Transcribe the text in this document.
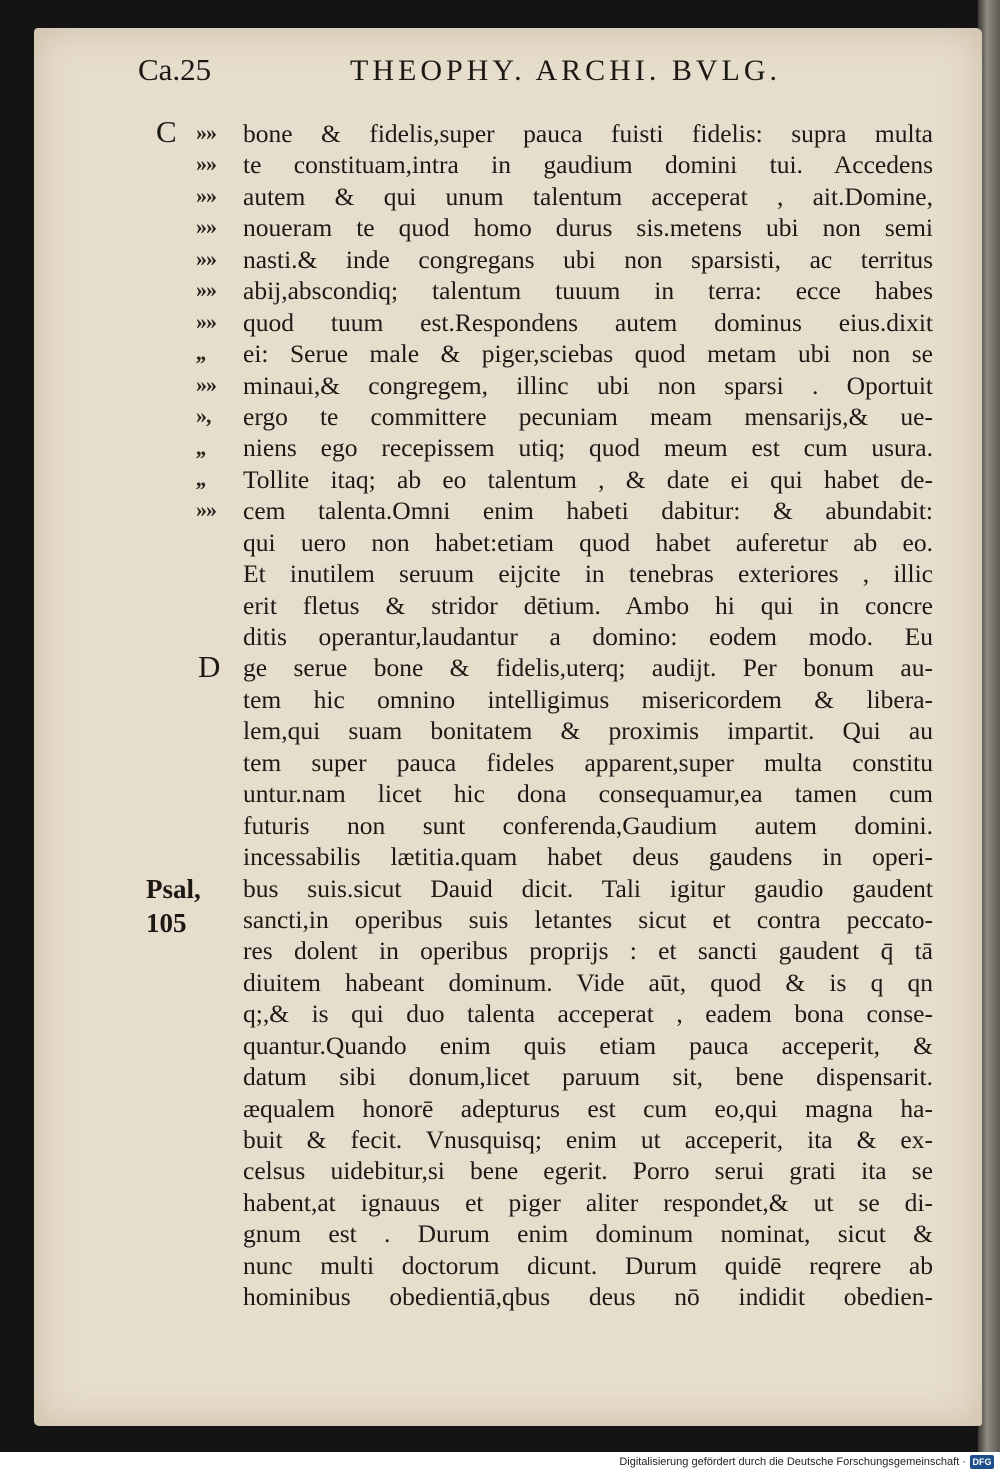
Ca.25	THEOPHY. ARCHI. BVLG.
C
D
»»
»»
»»
»»
»»
»»
»»
,,
»»
»,
,,
,,
»»
Psal,
105
bone & fidelis,super pauca fuisti fidelis: supra multa
te constituam,intra in gaudium domini tui. Accedens
autem & qui unum talentum acceperat , ait.Domine,
noueram te quod homo durus sis.metens ubi non semi
nasti.& inde congregans ubi non sparsisti, ac territus
abij,abscondiq; talentum tuuum in terra: ecce habes
quod tuum est.Respondens autem dominus eius.dixit
ei: Serue male & piger,sciebas quod metam ubi non se
minaui,& congregem, illinc ubi non sparsi . Oportuit
ergo te committere pecuniam meam mensarijs,& ue-
niens ego recepissem utiq; quod meum est cum usura.
Tollite itaq; ab eo talentum , & date ei qui habet de-
cem talenta.Omni enim habeti dabitur: & abundabit:
qui uero non habet:etiam quod habet auferetur ab eo.
Et inutilem seruum eijcite in tenebras exteriores , illic
erit fletus & stridor dētium. Ambo hi qui in concre
ditis operantur,laudantur a domino: eodem modo. Eu
ge serue bone & fidelis,uterq; audijt. Per bonum au-
tem hic omnino intelligimus misericordem & libera-
lem,qui suam bonitatem & proximis impartit. Qui au
tem super pauca fideles apparent,super multa constitu
untur.nam licet hic dona consequamur,ea tamen cum
futuris non sunt conferenda,Gaudium autem domini.
incessabilis lætitia.quam habet deus gaudens in operi-
bus suis.sicut Dauid dicit. Tali igitur gaudio gaudent
sancti,in operibus suis letantes sicut et contra peccato-
res dolent in operibus proprijs : et sancti gaudent q̄ tā
diuitem habeant dominum. Vide aūt, quod & is q qn
q;,& is qui duo talenta acceperat , eadem bona conse-
quantur.Quando enim quis etiam pauca acceperit, &
datum sibi donum,licet paruum sit, bene dispensarit.
æqualem honorē adepturus est cum eo,qui magna ha-
buit & fecit. Vnusquisq; enim ut acceperit, ita & ex-
celsus uidebitur,si bene egerit. Porro serui grati ita se
habent,at ignauus et piger aliter respondet,& ut se di-
gnum est . Durum enim dominum nominat, sicut &
nunc multi doctorum dicunt. Durum quidē reqrere ab
hominibus obedientiā,qbus deus nō indidit obedien-
Digitalisierung gefördert durch die Deutsche Forschungsgemeinschaft · DFG
